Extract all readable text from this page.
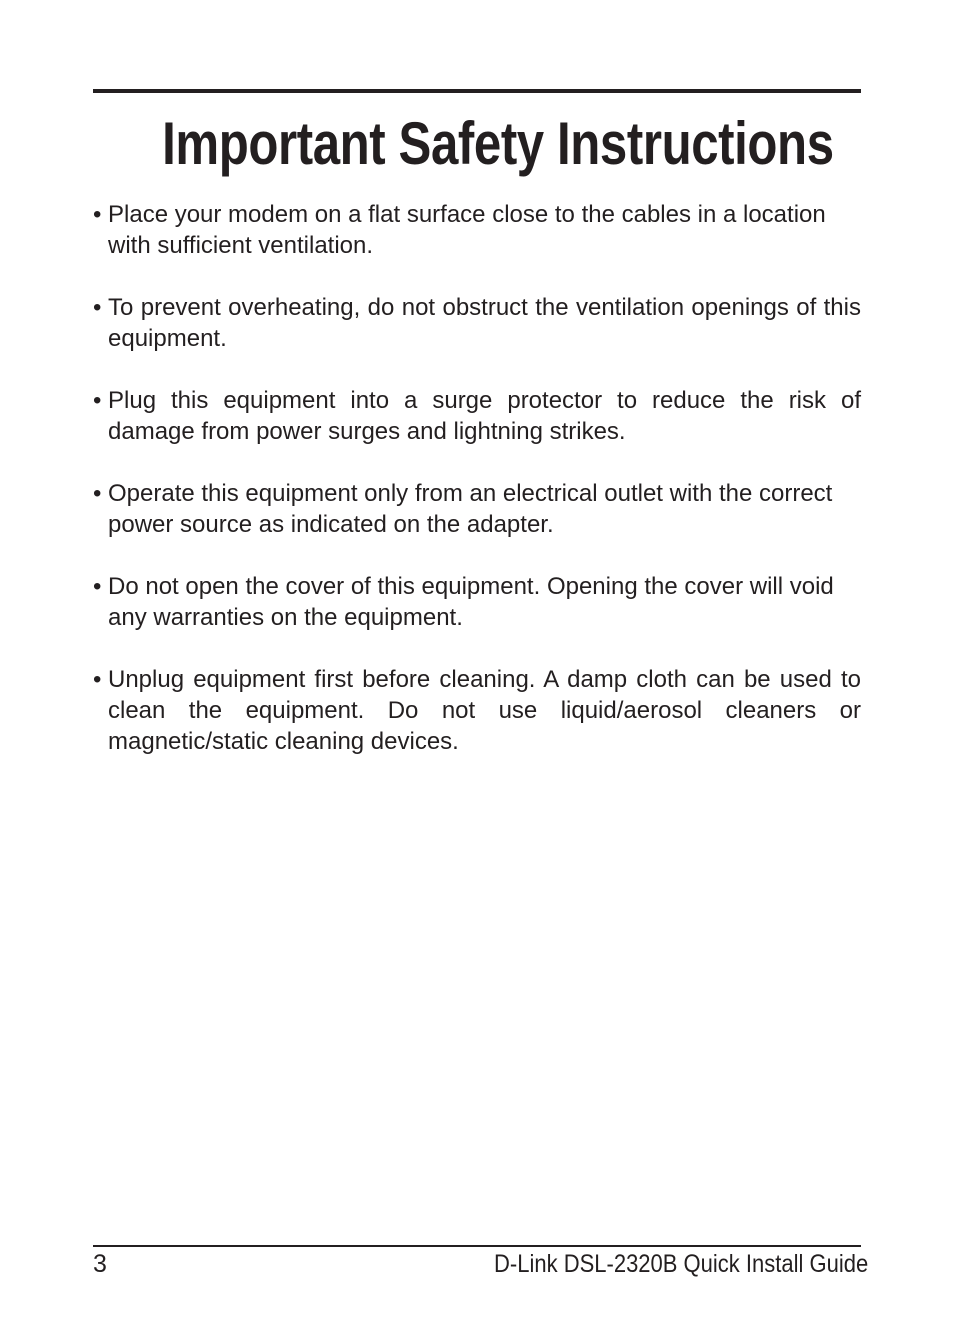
Important Safety Instructions
• Place your modem on a flat surface close to the cables in a location with sufficient ventilation.
• To prevent overheating, do not obstruct the ventilation openings of this equipment.
• Plug this equipment into a surge protector to reduce the risk of damage from power surges and lightning strikes.
• Operate this equipment only from an electrical outlet with the correct power source as indicated on the adapter.
• Do not open the cover of this equipment. Opening the cover will void any warranties on the equipment.
• Unplug equipment first before cleaning. A damp cloth can be used to clean the equipment. Do not use liquid/aerosol cleaners or magnetic/static cleaning devices.
3	D-Link DSL-2320B Quick Install Guide
